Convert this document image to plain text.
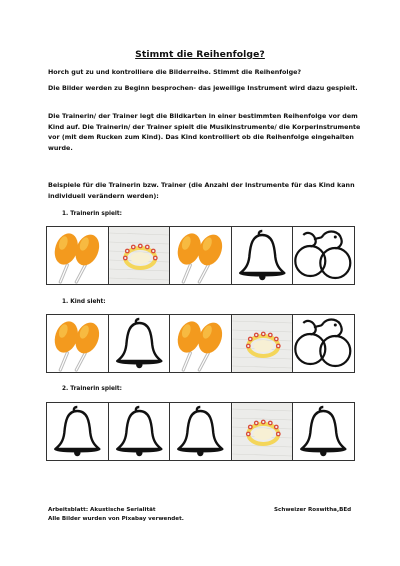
Stimmt die Reihenfolge?
Horch gut zu und kontrolliere die Bilderreihe. Stimmt die Reihenfolge?
Die Bilder werden zu Beginn besprochen- das jeweilige Instrument wird dazu gespielt.
Die Trainerin/ der Trainer legt die Bildkarten in einer bestimmten Reihenfolge vor dem Kind auf. Die Trainerin/ der Trainer spielt die Musikinstrumente/ die Korperinstrumente vor (mit dem Rucken zum Kind). Das Kind kontrolliert ob die Reihenfolge eingehalten wurde.
Beispiele für die Trainerin bzw. Trainer (die Anzahl der Instrumente für das Kind kann individuell verändern werden):
1. Trainerin spielt:
1. Kind sieht:
2. Trainerin spielt:
Arbeitsblatt: Akustische Serialität
Alle Bilder wurden von Pixabay verwendet.
Schweizer Roswitha,BEd
